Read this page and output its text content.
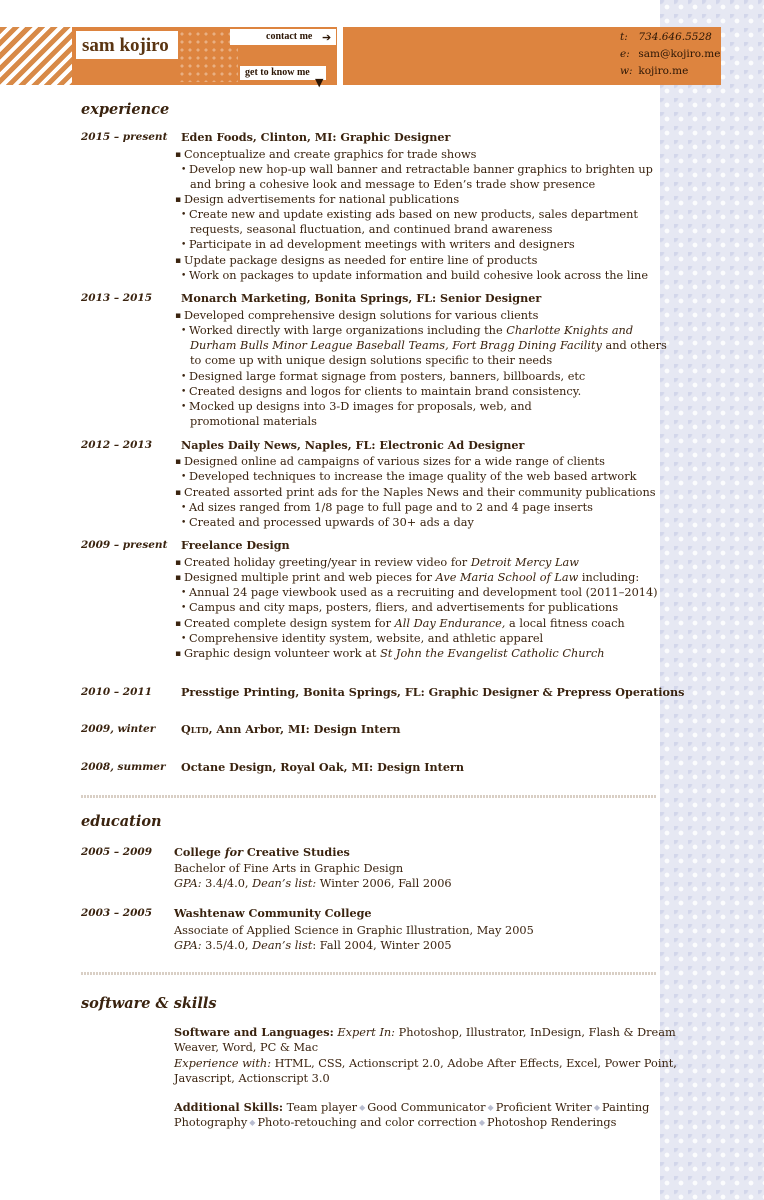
sam kojiro	contact me ➔
get to know me
▼
t: 734.646.5528
e: sam@kojiro.me
w: kojiro.me
experience
2015 – present Eden Foods, Clinton, MI: Graphic Designer
▪ Conceptualize and create graphics for trade shows
• Develop new hop-up wall banner and retractable banner graphics to brighten up
and bring a cohesive look and message to Eden’s trade show presence
▪ Design advertisements for national publications
• Create new and update existing ads based on new products, sales department
requests, seasonal fluctuation, and continued brand awareness
• Participate in ad development meetings with writers and designers
▪ Update package designs as needed for entire line of products
• Work on packages to update information and build cohesive look across the line
2013 – 2015	Monarch Marketing, Bonita Springs, FL: Senior Designer
▪ Developed comprehensive design solutions for various clients
• Worked directly with large organizations including the Charlotte Knights and
Durham Bulls Minor League Baseball Teams, Fort Bragg Dining Facility and others
to come up with unique design solutions specific to their needs
• Designed large format signage from posters, banners, billboards, etc
• Created designs and logos for clients to maintain brand consistency.
• Mocked up designs into 3-D images for proposals, web, and
promotional materials
2012 – 2013	Naples Daily News, Naples, FL: Electronic Ad Designer
▪ Designed online ad campaigns of various sizes for a wide range of clients
• Developed techniques to increase the image quality of the web based artwork
▪ Created assorted print ads for the Naples News and their community publications
• Ad sizes ranged from 1/8 page to full page and to 2 and 4 page inserts
• Created and processed upwards of 30+ ads a day
2009 – present Freelance Design
▪ Created holiday greeting/year in review video for Detroit Mercy Law
▪ Designed multiple print and web pieces for Ave Maria School of Law including:
• Annual 24 page viewbook used as a recruiting and development tool (2011–2014)
• Campus and city maps, posters, fliers, and advertisements for publications
▪ Created complete design system for All Day Endurance, a local fitness coach
• Comprehensive identity system, website, and athletic apparel
▪ Graphic design volunteer work at St John the Evangelist Catholic Church
2010 – 2011	Presstige Printing, Bonita Springs, FL: Graphic Designer & Prepress Operations
2009, winter Qltd, Ann Arbor, MI: Design Intern
2008, summer Octane Design, Royal Oak, MI: Design Intern
education
2005 – 2009 College for Creative Studies
Bachelor of Fine Arts in Graphic Design
GPA: 3.4/4.0, Dean’s list: Winter 2006, Fall 2006
2003 – 2005 Washtenaw Community College
Associate of Applied Science in Graphic Illustration, May 2005
GPA: 3.5/4.0, Dean’s list: Fall 2004, Winter 2005
software & skills
Software and Languages: Expert In: Photoshop, Illustrator, InDesign, Flash & Dream
Weaver, Word, PC & Mac
Experience with: HTML, CSS, Actionscript 2.0, Adobe After Effects, Excel, Power Point,
Javascript, Actionscript 3.0
Additional Skills: Team player ◆ Good Communicator ◆ Proficient Writer ◆ Painting
Photography ◆ Photo-retouching and color correction ◆ Photoshop Renderings
